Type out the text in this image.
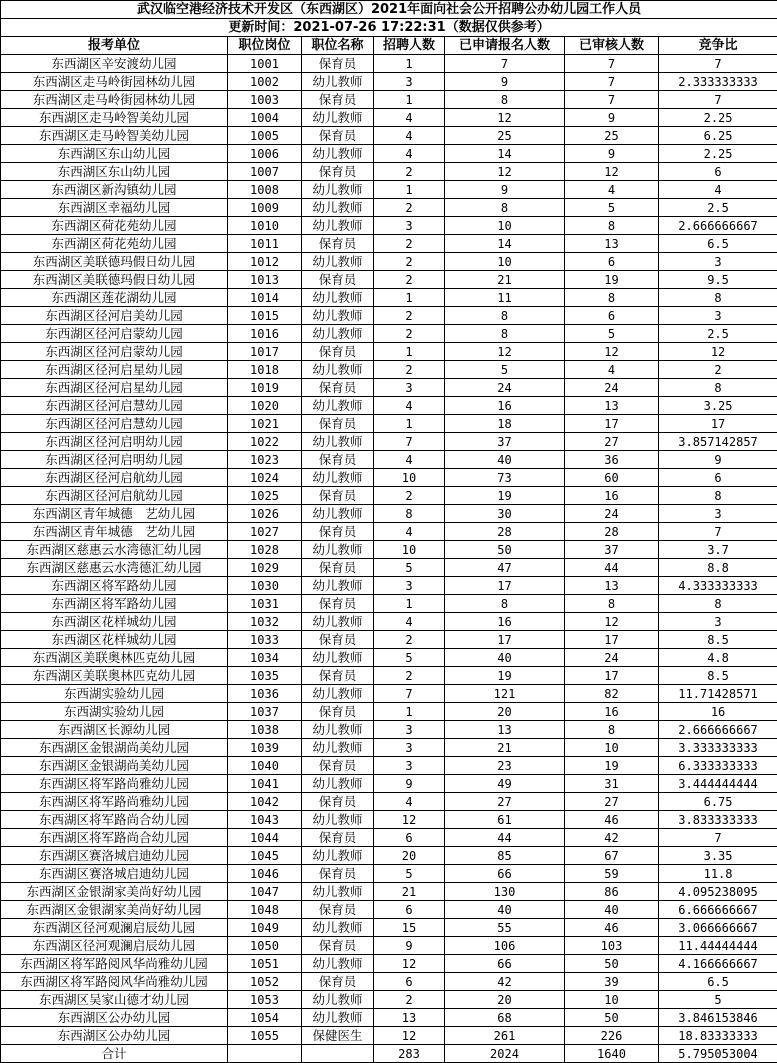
武汉临空港经济技术开发区（东西湖区）2021年面向社会公开招聘公办幼儿园工作人员						
更新时间：2021-07-26 17:22:31（数据仅供参考）						
报考单位	职位岗位	职位名称	招聘人数	已申请报名人数	已审核人数	竞争比
东西湖区辛安渡幼儿园	1001	保育员	1	7	7	7
东西湖区走马岭街园林幼儿园	1002	幼儿教师	3	9	7	2.333333333
东西湖区走马岭街园林幼儿园	1003	保育员	1	8	7	7
东西湖区走马岭智美幼儿园	1004	幼儿教师	4	12	9	2.25
东西湖区走马岭智美幼儿园	1005	保育员	4	25	25	6.25
东西湖区东山幼儿园	1006	幼儿教师	4	14	9	2.25
东西湖区东山幼儿园	1007	保育员	2	12	12	6
东西湖区新沟镇幼儿园	1008	幼儿教师	1	9	4	4
东西湖区幸福幼儿园	1009	幼儿教师	2	8	5	2.5
东西湖区荷花苑幼儿园	1010	幼儿教师	3	10	8	2.666666667
东西湖区荷花苑幼儿园	1011	保育员	2	14	13	6.5
东西湖区美联德玛假日幼儿园	1012	幼儿教师	2	10	6	3
东西湖区美联德玛假日幼儿园	1013	保育员	2	21	19	9.5
东西湖区莲花湖幼儿园	1014	幼儿教师	1	11	8	8
东西湖区径河启美幼儿园	1015	幼儿教师	2	8	6	3
东西湖区径河启蒙幼儿园	1016	幼儿教师	2	8	5	2.5
东西湖区径河启蒙幼儿园	1017	保育员	1	12	12	12
东西湖区径河启星幼儿园	1018	幼儿教师	2	5	4	2
东西湖区径河启星幼儿园	1019	保育员	3	24	24	8
东西湖区径河启慧幼儿园	1020	幼儿教师	4	16	13	3.25
东西湖区径河启慧幼儿园	1021	保育员	1	18	17	17
东西湖区径河启明幼儿园	1022	幼儿教师	7	37	27	3.857142857
东西湖区径河启明幼儿园	1023	保育员	4	40	36	9
东西湖区径河启航幼儿园	1024	幼儿教师	10	73	60	6
东西湖区径河启航幼儿园	1025	保育员	2	19	16	8
东西湖区青年城德　艺幼儿园	1026	幼儿教师	8	30	24	3
东西湖区青年城德　艺幼儿园	1027	保育员	4	28	28	7
东西湖区慈惠云水湾德汇幼儿园	1028	幼儿教师	10	50	37	3.7
东西湖区慈惠云水湾德汇幼儿园	1029	保育员	5	47	44	8.8
东西湖区将军路幼儿园	1030	幼儿教师	3	17	13	4.333333333
东西湖区将军路幼儿园	1031	保育员	1	8	8	8
东西湖区花样城幼儿园	1032	幼儿教师	4	16	12	3
东西湖区花样城幼儿园	1033	保育员	2	17	17	8.5
东西湖区美联奥林匹克幼儿园	1034	幼儿教师	5	40	24	4.8
东西湖区美联奥林匹克幼儿园	1035	保育员	2	19	17	8.5
东西湖实验幼儿园	1036	幼儿教师	7	121	82	11.71428571
东西湖实验幼儿园	1037	保育员	1	20	16	16
东西湖区长源幼儿园	1038	幼儿教师	3	13	8	2.666666667
东西湖区金银湖尚美幼儿园	1039	幼儿教师	3	21	10	3.333333333
东西湖区金银湖尚美幼儿园	1040	保育员	3	23	19	6.333333333
东西湖区将军路尚雅幼儿园	1041	幼儿教师	9	49	31	3.444444444
东西湖区将军路尚雅幼儿园	1042	保育员	4	27	27	6.75
东西湖区将军路尚合幼儿园	1043	幼儿教师	12	61	46	3.833333333
东西湖区将军路尚合幼儿园	1044	保育员	6	44	42	7
东西湖区赛洛城启迪幼儿园	1045	幼儿教师	20	85	67	3.35
东西湖区赛洛城启迪幼儿园	1046	保育员	5	66	59	11.8
东西湖区金银湖家美尚好幼儿园	1047	幼儿教师	21	130	86	4.095238095
东西湖区金银湖家美尚好幼儿园	1048	保育员	6	40	40	6.666666667
东西湖区径河观澜启辰幼儿园	1049	幼儿教师	15	55	46	3.066666667
东西湖区径河观澜启辰幼儿园	1050	保育员	9	106	103	11.44444444
东西湖区将军路阅风华尚雅幼儿园	1051	幼儿教师	12	66	50	4.166666667
东西湖区将军路阅风华尚雅幼儿园	1052	保育员	6	42	39	6.5
东西湖区吴家山德才幼儿园	1053	幼儿教师	2	20	10	5
东西湖区公办幼儿园	1054	幼儿教师	13	68	50	3.846153846
东西湖区公办幼儿园	1055	保健医生	12	261	226	18.83333333
合计			283	2024	1640	5.795053004
